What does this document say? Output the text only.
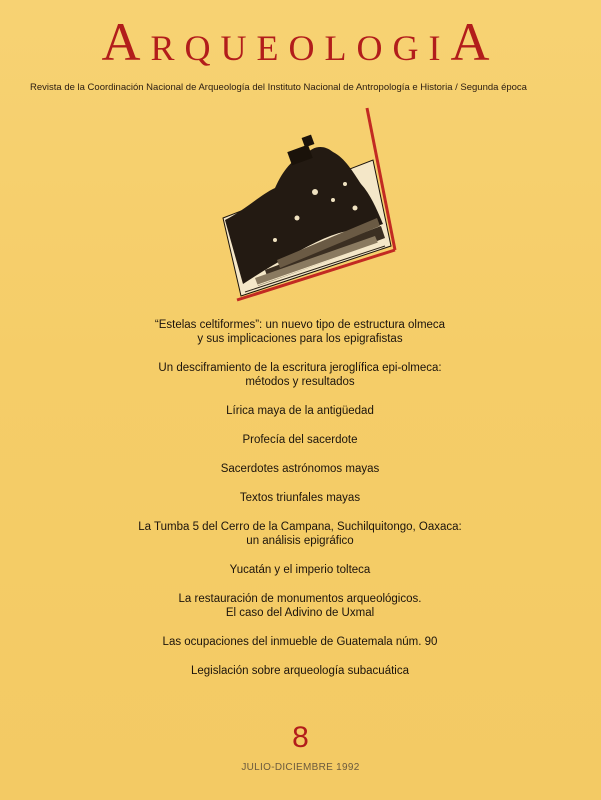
ARQUEOLOGIA
Revista de la Coordinación Nacional de Arqueología del Instituto Nacional de Antropología e Historia / Segunda época
“Estelas celtiformes”: un nuevo tipo de estructura olmeca
y sus implicaciones para los epigrafistas
Un desciframiento de la escritura jeroglífica epi-olmeca:
métodos y resultados
Lírica maya de la antigüedad
Profecía del sacerdote
Sacerdotes astrónomos mayas
Textos triunfales mayas
La Tumba 5 del Cerro de la Campana, Suchilquitongo, Oaxaca:
un análisis epigráfico
Yucatán y el imperio tolteca
La restauración de monumentos arqueológicos.
El caso del Adivino de Uxmal
Las ocupaciones del inmueble de Guatemala núm. 90
Legislación sobre arqueología subacuática
8
JULIO-DICIEMBRE 1992
